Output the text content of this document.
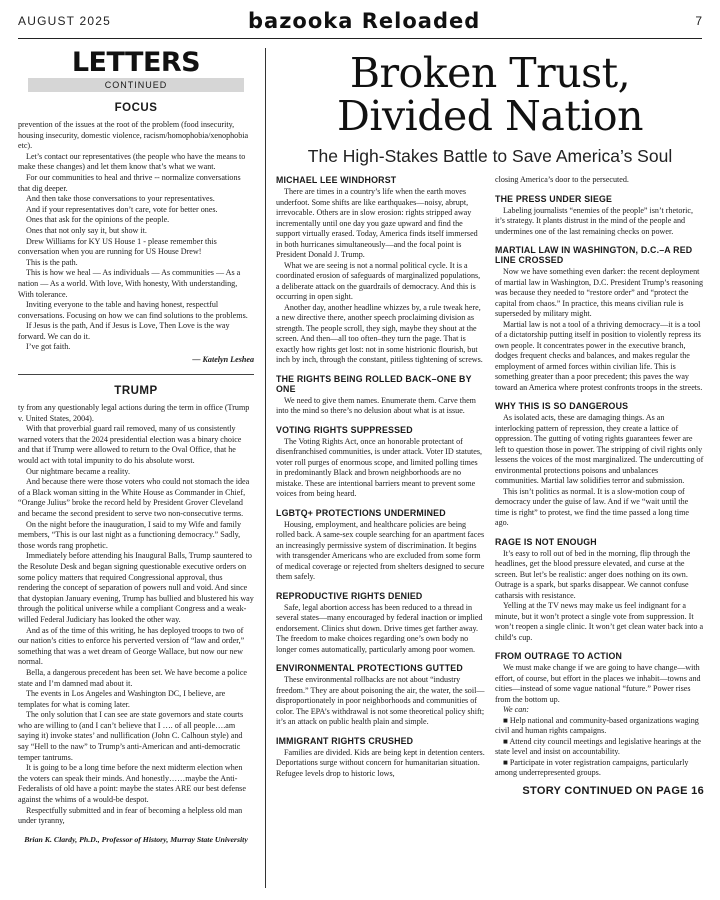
AUGUST 2025	bazooka Reloaded	7
LETTERS
CONTINUED
FOCUS

prevention of the issues at the root of the problem (food insecurity, housing insecurity, domestic violence, racism/homophobia/xenophobia etc).

Let’s contact our representatives (the people who have the means to make these changes) and let them know that’s what we want.

For our communities to heal and thrive -- normalize conversations that dig deeper.

And then take those conversations to your representatives.

And if your representatives don’t care, vote for better ones.

Ones that ask for the opinions of the people.

Ones that not only say it, but show it.

Drew Williams for KY US House 1 - please remember this conversation when you are running for US House Drew!

This is the path.

This is how we heal — As individuals — As communities — As a nation — As a world. With love, With honesty, With understanding, With tolerance.

Inviting everyone to the table and having honest, respectful conversations. Focusing on how we can find solutions to the problems.

If Jesus is the path, And if Jesus is Love, Then Love is the way forward. We can do it.

I’ve got faith.

— Katelyn Leshea
TRUMP

ty from any questionably legal actions during the term in office (Trump v. United States, 2004).

With that proverbial guard rail removed, many of us consistently warned voters that the 2024 presidential election was a binary choice and that if Trump were allowed to return to the Oval Office, that he would act with total impunity to do his absolute worst.

Our nightmare became a reality.

And because there were those voters who could not stomach the idea of a Black woman sitting in the White House as Commander in Chief, “Orange Julius” broke the record held by President Grover Cleveland and became the second president to serve two non-consecutive terms.

On the night before the inauguration, I said to my Wife and family members, “This is our last night as a functioning democracy.” Sadly, those words rang prophetic.

Immediately before attending his Inaugural Balls, Trump sauntered to the Resolute Desk and began signing questionable executive orders on some policy matters that required Congressional approval, thus rendering the concept of separation of powers null and void. And since that dystopian January evening, Trump has bullied and blustered his way through the political universe while a compliant Congress and a weak-willed Federal Judiciary has looked the other way.

And as of the time of this writing, he has deployed troops to two of our nation’s cities to enforce his perverted version of “law and order,” something that was a wet dream of George Wallace, but now our new normal.

Bella, a dangerous precedent has been set. We have become a police state and I’m damned mad about it.

The events in Los Angeles and Washington DC, I believe, are templates for what is coming later.

The only solution that I can see are state governors and state courts who are willing to (and I can’t believe that I …. of all people….am saying it) invoke states’ and nullification (John C. Calhoun style) and say “Hell to the naw” to Trump’s anti-American and anti-democratic temper tantrums.

It is going to be a long time before the next midterm election when the voters can speak their minds. And honestly……maybe the Anti-Federalists of old have a point: maybe the states ARE our best defense against the whims of a would-be despot.

Respectfully submitted and in fear of becoming a helpless old man under tyranny,

Brian K. Clardy, Ph.D., Professor of History, Murray State University
Broken Trust,
Divided Nation
The High-Stakes Battle to Save America’s Soul
MICHAEL LEE WINDHORST

There are times in a country’s life when the earth moves underfoot. Some shifts are like earthquakes—noisy, abrupt, irrevocable. Others are in slow erosion: rights stripped away incrementally until one day you gaze upward and find the support virtually erased. Today, America finds itself immersed in both hurricanes simultaneously—and the focal point is President Donald J. Trump.

What we are seeing is not a normal political cycle. It is a coordinated erosion of safeguards of marginalized populations, a deliberate attack on the guardrails of democracy. And this is occurring in open sight.

Another day, another headline whizzes by, a rule tweak here, a new directive there, another speech proclaiming division as strength. The people scroll, they sigh, maybe they shout at the screen. And then—all too often–they turn the page. That is exactly how rights get lost: not in some histrionic flourish, but inch by inch, through the constant, pitiless tightening of screws.

THE RIGHTS BEING ROLLED BACK–ONE BY ONE

We need to give them names. Enumerate them. Carve them into the mind so there’s no delusion about what is at issue.

VOTING RIGHTS SUPPRESSED

The Voting Rights Act, once an honorable protectant of disenfranchised communities, is under attack. Voter ID statutes, voter roll purges of enormous scope, and limited polling times in predominantly Black and brown neighborhoods are no mistake. These are intentional barriers meant to prevent some voices from being heard.

LGBTQ+ PROTECTIONS UNDERMINED

Housing, employment, and healthcare policies are being rolled back. A same-sex couple searching for an apartment faces an increasingly permissive system of discrimination. It begins with transgender Americans who are excluded from some form of medical coverage or rejected from shelters designed to secure them safely.

REPRODUCTIVE RIGHTS DENIED

Safe, legal abortion access has been reduced to a thread in several states—many encouraged by federal inaction or implied endorsement. Clinics shut down. Drive times get farther away. The freedom to make choices regarding one’s own body no longer comes automatically, particularly among poor women.

ENVIRONMENTAL PROTECTIONS GUTTED

These environmental rollbacks are not about “industry freedom.” They are about poisoning the air, the water, the soil—disproportionately in poor neighborhoods and communities of color. The EPA’s withdrawal is not some theoretical policy shift; it’s an attack on public health plain and simple.

IMMIGRANT RIGHTS CRUSHED

Families are divided. Kids are being kept in detention centers. Deportations surge without concern for humanitarian situation. Refugee levels drop to historic lows,

closing America’s door to the persecuted.

THE PRESS UNDER SIEGE

Labeling journalists “enemies of the people” isn’t rhetoric, it’s strategy. It plants distrust in the mind of the people and undermines one of the last remaining checks on power.

MARTIAL LAW IN WASHINGTON, D.C.–A RED LINE CROSSED

Now we have something even darker: the recent deployment of martial law in Washington, D.C. President Trump’s reasoning was because they needed to “restore order” and “protect the capital from chaos.” In practice, this means civilian rule is superseded by military might.

Martial law is not a tool of a thriving democracy—it is a tool of a dictatorship putting itself in position to violently repress its own people. It concentrates power in the executive branch, dodges frequent checks and balances, and makes regular the employment of armed forces within civilian life. This is something greater than a poor precedent; this paves the way toward an America where protest confronts troops in the streets.

WHY THIS IS SO DANGEROUS

As isolated acts, these are damaging things. As an interlocking pattern of repression, they create a lattice of oppression. The gutting of voting rights guarantees fewer are left to question those in power. The stripping of civil rights only lessens the voices of the most marginalized. The undercutting of environmental protections poisons and unbalances communities. Martial law solidifies terror and submission.

This isn’t politics as normal. It is a slow-motion coup of democracy under the guise of law. And if we “wait until the time is right” to protest, we find the time passed a long time ago.

RAGE IS NOT ENOUGH

It’s easy to roll out of bed in the morning, flip through the headlines, get the blood pressure elevated, and curse at the screen. But let’s be realistic: anger does nothing on its own. Outrage is a spark, but sparks disappear. We cannot confuse catharsis with resistance.

Yelling at the TV news may make us feel indignant for a minute, but it won’t protect a single vote from suppression. It won’t reopen a single clinic. It won’t get clean water back into a child’s cup.

FROM OUTRAGE TO ACTION

We must make change if we are going to have change—with effort, of course, but effort in the places we inhabit—towns and cities—instead of some vague national “future.” Power rises from the bottom up.

We can:

■ Help national and community-based organizations waging civil and human rights campaigns.

■ Attend city council meetings and legislative hearings at the state level and insist on accountability.

■ Participate in voter registration campaigns, particularly among underrepresented groups.

STORY CONTINUED ON PAGE 16
